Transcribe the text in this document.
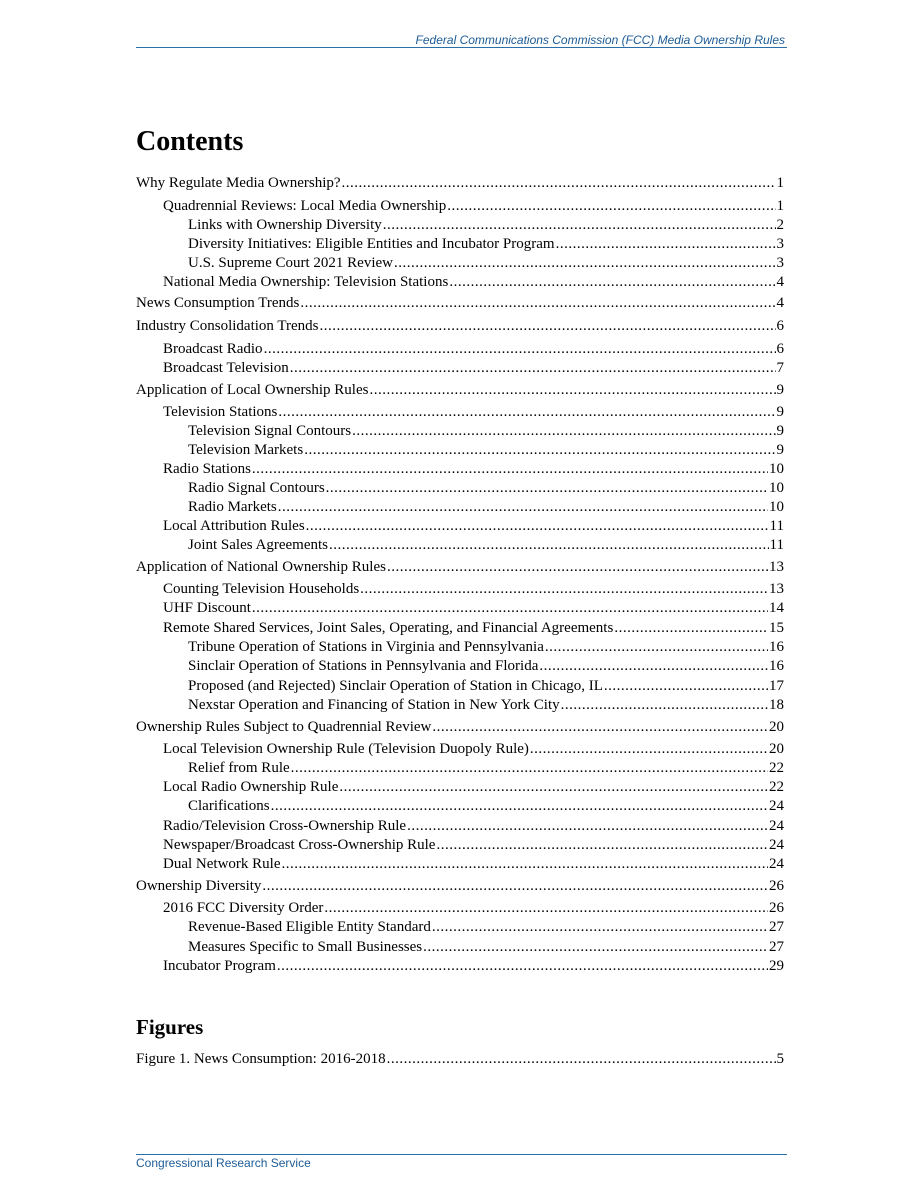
Federal Communications Commission (FCC) Media Ownership Rules
Contents
Why Regulate Media Ownership? .....	1
Quadrennial Reviews: Local Media Ownership .....	1
Links with Ownership Diversity .....	2
Diversity Initiatives: Eligible Entities and Incubator Program .....	3
U.S. Supreme Court 2021 Review .....	3
National Media Ownership: Television Stations .....	4
News Consumption Trends .....	4
Industry Consolidation Trends .....	6
Broadcast Radio .....	6
Broadcast Television .....	7
Application of Local Ownership Rules .....	9
Television Stations .....	9
Television Signal Contours .....	9
Television Markets .....	9
Radio Stations .....	10
Radio Signal Contours .....	10
Radio Markets .....	10
Local Attribution Rules .....	11
Joint Sales Agreements .....	11
Application of National Ownership Rules .....	13
Counting Television Households .....	13
UHF Discount .....	14
Remote Shared Services, Joint Sales, Operating, and Financial Agreements .....	15
Tribune Operation of Stations in Virginia and Pennsylvania .....	16
Sinclair Operation of Stations in Pennsylvania and Florida .....	16
Proposed (and Rejected) Sinclair Operation of Station in Chicago, IL .....	17
Nexstar Operation and Financing of Station in New York City .....	18
Ownership Rules Subject to Quadrennial Review .....	20
Local Television Ownership Rule (Television Duopoly Rule) .....	20
Relief from Rule .....	22
Local Radio Ownership Rule .....	22
Clarifications .....	24
Radio/Television Cross-Ownership Rule .....	24
Newspaper/Broadcast Cross-Ownership Rule .....	24
Dual Network Rule .....	24
Ownership Diversity .....	26
2016 FCC Diversity Order .....	26
Revenue-Based Eligible Entity Standard .....	27
Measures Specific to Small Businesses .....	27
Incubator Program .....	29
Figures
Figure 1. News Consumption: 2016-2018 .....	5
Congressional Research Service
